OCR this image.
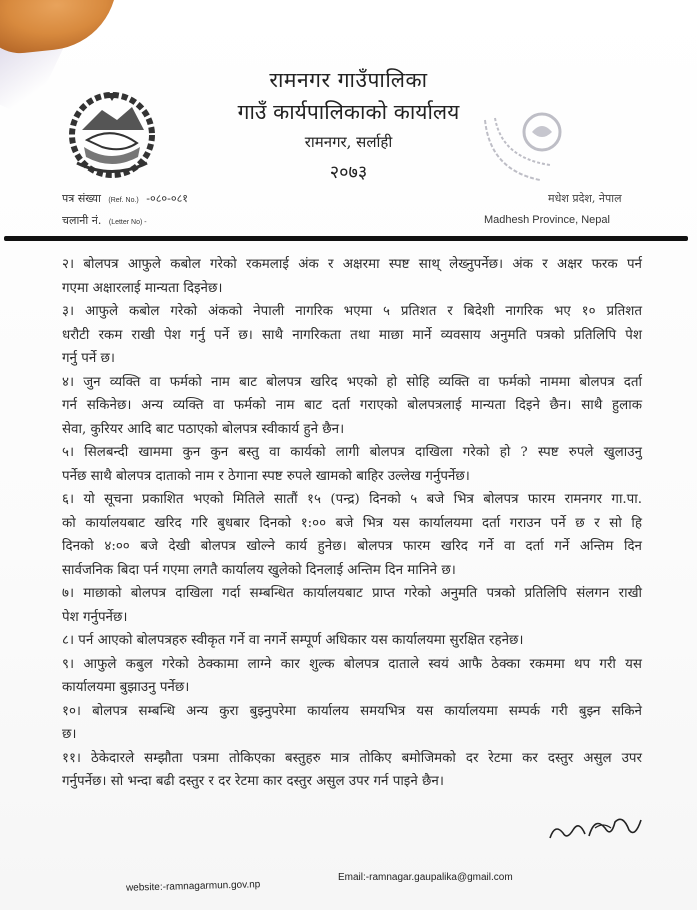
रामनगर गाउँपालिका
गाउँ कार्यपालिकाको कार्यालय
रामनगर, सर्लाही
२०७३
पत्र संख्या (Ref. No.) -०८०-०८१
चलानी नं. (Letter No) -
मधेश प्रदेश, नेपाल
Madhesh Province, Nepal
२। बोलपत्र आफुले कबोल गरेको रकमलाई अंक र अक्षरमा स्पष्ट साथ् लेख्नुपर्नेछ। अंक र अक्षर फरक पर्न
गएमा अक्षारलाई मान्यता दिइनेछ।
३। आफुले कबोल गरेको अंकको नेपाली नागरिक भएमा ५ प्रतिशत र बिदेशी नागरिक भए १० प्रतिशत
धरौटी रकम राखी पेश गर्नु पर्ने छ। साथै नागरिकता तथा माछा मार्ने व्यवसाय अनुमति पत्रको प्रतिलिपि पेश
गर्नु पर्ने छ।
४। जुन व्यक्ति वा फर्मको नाम बाट बोलपत्र खरिद भएको हो सोहि व्यक्ति वा फर्मको नाममा बोलपत्र दर्ता
गर्न सकिनेछ। अन्य व्यक्ति वा फर्मको नाम बाट दर्ता गराएको बोलपत्रलाई मान्यता दिइने छैन। साथै हुलाक
सेवा, कुरियर आदि बाट पठाएको बोलपत्र स्वीकार्य हुने छैन।
५। सिलबन्दी खाममा कुन कुन बस्तु वा कार्यको लागी बोलपत्र दाखिला गरेको हो ? स्पष्ट रुपले खुलाउनु
पर्नेछ साथै बोलपत्र दाताको नाम र ठेगाना स्पष्ट रुपले खामको बाहिर उल्लेख गर्नुपर्नेछ।
६। यो सूचना प्रकाशित भएको मितिले सातौं १५ (पन्द्र) दिनको ५ बजे भित्र बोलपत्र फारम रामनगर गा.पा.
को कार्यालयबाट खरिद गरि बुधबार दिनको १:०० बजे भित्र यस कार्यालयमा दर्ता गराउन पर्ने छ र सो हि
दिनको ४:०० बजे देखी बोलपत्र खोल्ने कार्य हुनेछ। बोलपत्र फारम खरिद गर्ने वा दर्ता गर्ने अन्तिम दिन
सार्वजनिक बिदा पर्न गएमा लगतै कार्यालय खुलेको दिनलाई अन्तिम दिन मानिने छ।
७। माछाको बोलपत्र दाखिला गर्दा सम्बन्धित कार्यालयबाट प्राप्त गरेको अनुमति पत्रको प्रतिलिपि संलगन राखी
पेश गर्नुपर्नेछ।
८। पर्न आएको बोलपत्रहरु स्वीकृत गर्ने वा नगर्ने सम्पूर्ण अधिकार यस कार्यालयमा सुरक्षित रहनेछ।
९। आफुले कबुल गरेको ठेक्कामा लाग्ने कार शुल्क बोलपत्र दाताले स्वयं आफै ठेक्का रकममा थप गरी यस
कार्यालयमा बुझाउनु पर्नेछ।
१०। बोलपत्र सम्बन्धि अन्य कुरा बुझ्नुपरेमा कार्यालय समयभित्र यस कार्यालयमा सम्पर्क गरी बुझ्न सकिने
छ।
११। ठेकेदारले सम्झौता पत्रमा तोकिएका बस्तुहरु मात्र तोकिए बमोजिमको दर रेटमा कर दस्तुर असुल उपर
गर्नुपर्नेछ। सो भन्दा बढी दस्तुर र दर रेटमा कार दस्तुर असुल उपर गर्न पाइने छैन।
website:-ramnagarmun.gov.np
Email:-ramnagar.gaupalika@gmail.com
